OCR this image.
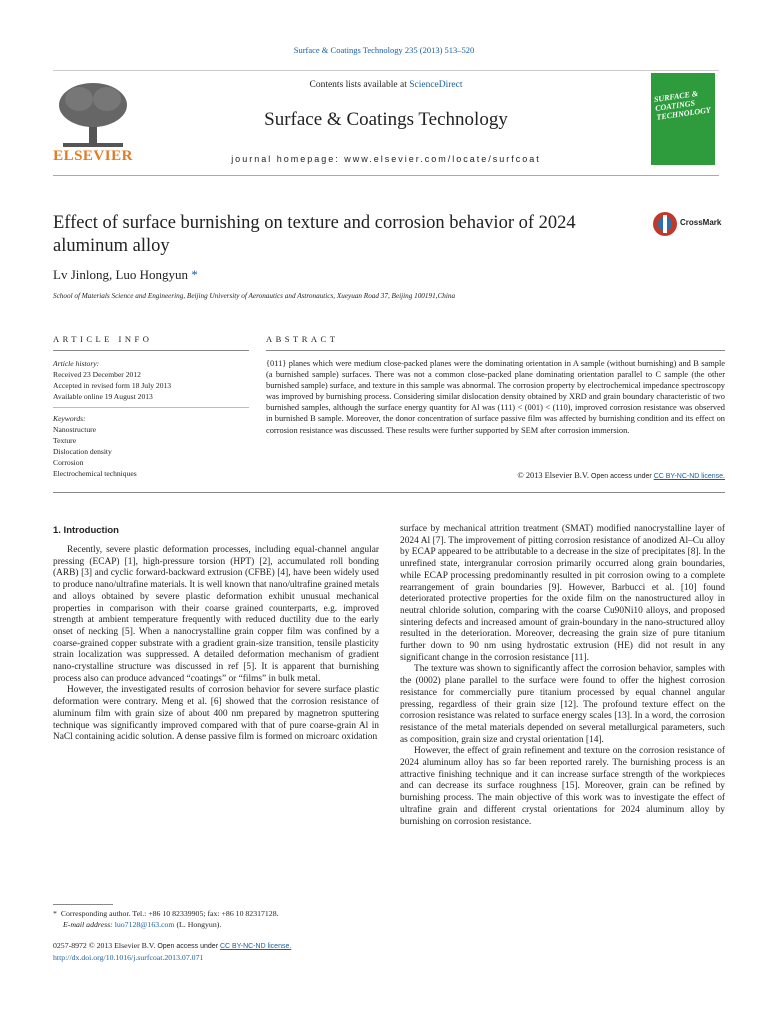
Surface & Coatings Technology 235 (2013) 513–520
ELSEVIER
Contents lists available at ScienceDirect
Surface & Coatings Technology
journal homepage: www.elsevier.com/locate/surfcoat
SURFACE & COATINGS TECHNOLOGY
Effect of surface burnishing on texture and corrosion behavior of 2024 aluminum alloy
CrossMark
Lv Jinlong, Luo Hongyun *
School of Materials Science and Engineering, Beijing University of Aeronautics and Astronautics, Xueyuan Road 37, Beijing 100191,China
ARTICLE INFO	ABSTRACT
Article history:
Received 23 December 2012
Accepted in revised form 18 July 2013
Available online 19 August 2013
Keywords:
Nanostructure
Texture
Dislocation density
Corrosion
Electrochemical techniques
{011} planes which were medium close-packed planes were the dominating orientation in A sample (without burnishing) and B sample (a burnished sample) surfaces. There was not a common close-packed plane dominating orientation parallel to C sample (the other burnished sample) surface, and texture in this sample was abnormal. The corrosion property by electrochemical impedance spectroscopy was improved by burnishing process. Considering similar dislocation density obtained by XRD and grain boundary characteristic of two burnished samples, although the surface energy quantity for Al was (111) < (001) < (110), improved corrosion resistance was observed in burnished B sample. Moreover, the donor concentration of surface passive film was affected by burnishing condition and its effect on corrosion resistance was discussed. These results were further supported by SEM after corrosion immersion.
© 2013 Elsevier B.V. Open access under CC BY-NC-ND license.
1. Introduction

Recently, severe plastic deformation processes, including equal-channel angular pressing (ECAP) [1], high-pressure torsion (HPT) [2], accumulated roll bonding (ARB) [3] and cyclic forward-backward extrusion (CFBE) [4], have been widely used to produce nano/ultrafine materials. It is well known that nano/ultrafine grained metals and alloys obtained by severe plastic deformation exhibit unusual mechanical properties in comparison with their coarse grained counterparts, e.g. improved strength at ambient temperature frequently with reduced ductility due to the early onset of necking [5]. When a nanocrystalline grain copper film was confined by a coarse-grained copper substrate with a gradient grain-size transition, tensile plasticity strain localization was suppressed. A detailed deformation mechanism of gradient nano-crystalline structure was discussed in ref [5]. It is apparent that burnishing process also can produce advanced “coatings” or “films” in bulk metal.

However, the investigated results of corrosion behavior for severe surface plastic deformation were contrary. Meng et al. [6] showed that the corrosion resistance of aluminum film with grain size of about 400 nm prepared by magnetron sputtering technique was significantly improved compared with that of pure coarse-grain Al in NaCl containing acidic solution. A dense passive film is formed on microarc oxidation

surface by mechanical attrition treatment (SMAT) modified nanocrystalline layer of 2024 Al [7]. The improvement of pitting corrosion resistance of anodized Al–Cu alloy by ECAP appeared to be attributable to a decrease in the size of precipitates [8]. In the unrefined state, intergranular corrosion primarily occurred along grain boundaries, while ECAP processing predominantly resulted in pit corrosion owing to a complete rearrangement of grain boundaries [9]. However, Barbucci et al. [10] found deteriorated protective properties for the oxide film on the nanostructured alloy in neutral chloride solution, comparing with the coarse Cu90Ni10 alloys, and proposed sintering defects and increased amount of grain-boundary in the nano-structured alloy resulted in the deterioration. Moreover, decreasing the grain size of pure titanium further down to 90 nm using hydrostatic extrusion (HE) did not result in any significant change in the corrosion resistance [11].

The texture was shown to significantly affect the corrosion behavior, samples with the (0002) plane parallel to the surface were found to offer the highest corrosion resistance for commercially pure titanium processed by equal channel angular pressing, regardless of their grain size [12]. The profound texture effect on the corrosion resistance was related to surface energy scales [13]. In a word, the corrosion resistance of the metal materials depended on several metallurgical parameters, such as composition, grain size and crystal orientation [14].

However, the effect of grain refinement and texture on the corrosion resistance of 2024 aluminum alloy has so far been reported rarely. The burnishing process is an attractive finishing technique and it can increase surface strength of the workpieces and can decrease its surface roughness [15]. Moreover, grain can be refined by burnishing process. The main objective of this work was to investigate the effect of ultrafine grain and different crystal orientations for 2024 aluminum alloy by burnishing on corrosion resistance.

* Corresponding author. Tel.: +86 10 82339905; fax: +86 10 82317128.
E-mail address: luo7128@163.com (L. Hongyun).
0257-8972 © 2013 Elsevier B.V. Open access under CC BY-NC-ND license.
http://dx.doi.org/10.1016/j.surfcoat.2013.07.071
